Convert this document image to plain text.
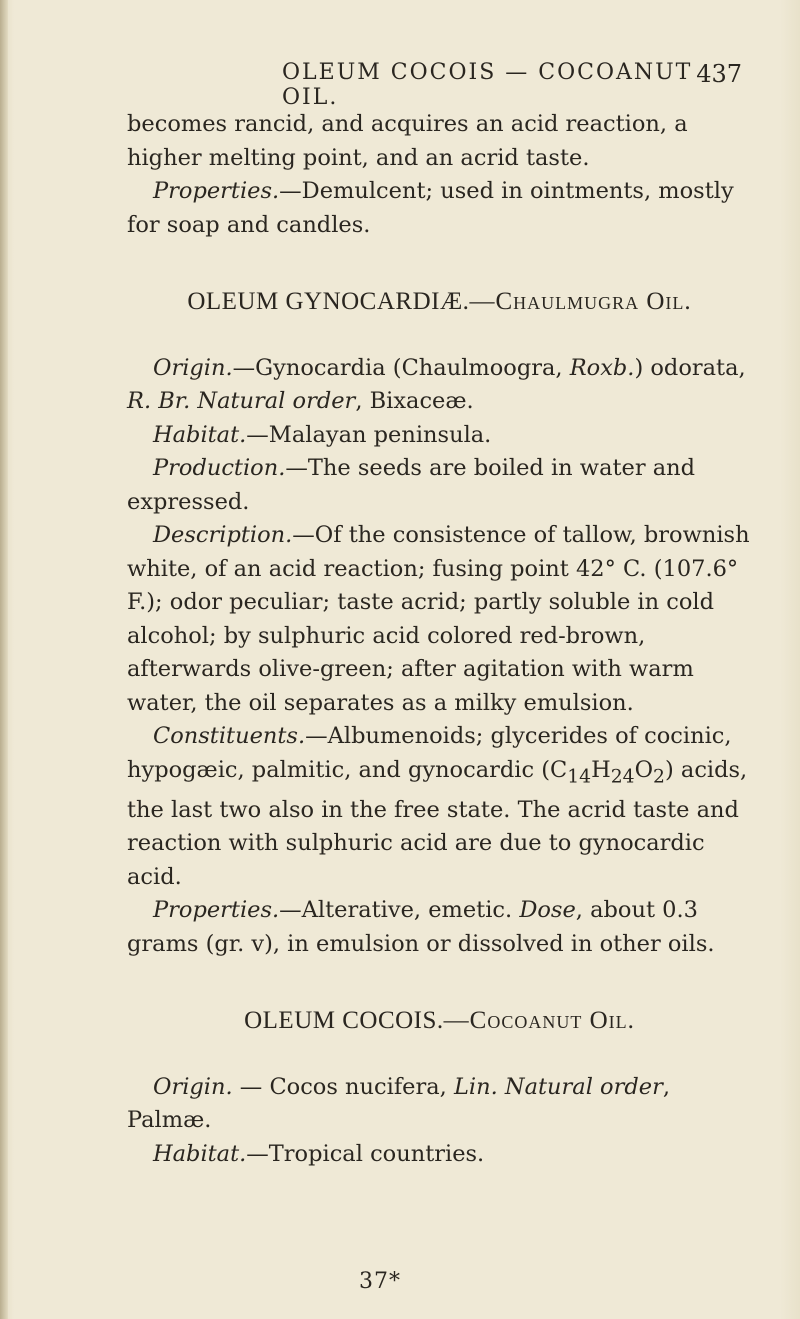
OLEUM COCOIS — COCOANUT OIL.
437

becomes rancid, and acquires an acid reaction, a higher melting point, and an acrid taste.

Properties.—Demulcent; used in ointments, mostly for soap and candles.

OLEUM GYNOCARDIÆ.—Chaulmugra Oil.

Origin.—Gynocardia (Chaulmoogra, Roxb.) odorata, R. Br. Natural order, Bixaceæ.

Habitat.—Malayan peninsula.

Production.—The seeds are boiled in water and expressed.

Description.—Of the consistence of tallow, brownish white, of an acid reaction; fusing point 42° C. (107.6° F.); odor peculiar; taste acrid; partly soluble in cold alcohol; by sulphuric acid colored red-brown, afterwards olive-green; after agitation with warm water, the oil separates as a milky emulsion.

Constituents.—Albumenoids; glycerides of cocinic, hypogæic, palmitic, and gynocardic $(C_{14}H_{24}O_2)$ acids, the last two also in the free state. The acrid taste and reaction with sulphuric acid are due to gynocardic acid.

Properties.—Alterative, emetic. Dose, about 0.3 grams (gr. v), in emulsion or dissolved in other oils.

OLEUM COCOIS.—Cocoanut Oil.

Origin. — Cocos nucifera, Lin. Natural order, Palmæ.

Habitat.—Tropical countries.

37*
